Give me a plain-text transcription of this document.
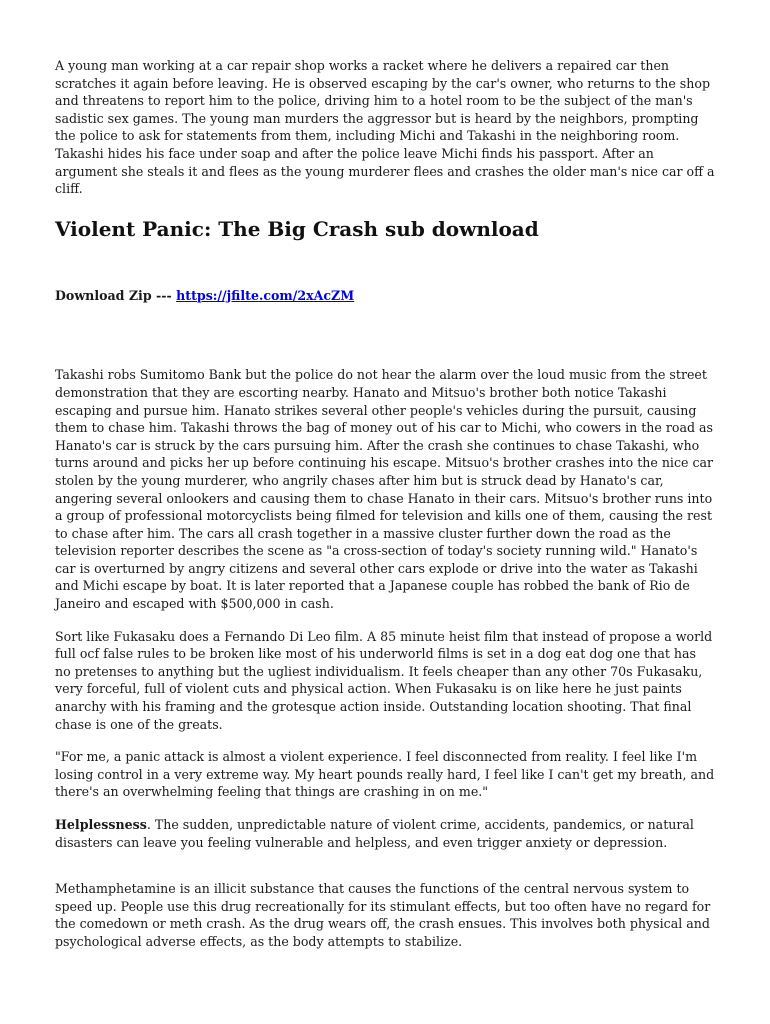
A young man working at a car repair shop works a racket where he delivers a repaired car then scratches it again before leaving. He is observed escaping by the car's owner, who returns to the shop and threatens to report him to the police, driving him to a hotel room to be the subject of the man's sadistic sex games. The young man murders the aggressor but is heard by the neighbors, prompting the police to ask for statements from them, including Michi and Takashi in the neighboring room. Takashi hides his face under soap and after the police leave Michi finds his passport. After an argument she steals it and flees as the young murderer flees and crashes the older man's nice car off a cliff.

Violent Panic: The Big Crash sub download

Download Zip --- https://jfilte.com/2xAcZM

Takashi robs Sumitomo Bank but the police do not hear the alarm over the loud music from the street demonstration that they are escorting nearby. Hanato and Mitsuo's brother both notice Takashi escaping and pursue him. Hanato strikes several other people's vehicles during the pursuit, causing them to chase him. Takashi throws the bag of money out of his car to Michi, who cowers in the road as Hanato's car is struck by the cars pursuing him. After the crash she continues to chase Takashi, who turns around and picks her up before continuing his escape. Mitsuo's brother crashes into the nice car stolen by the young murderer, who angrily chases after him but is struck dead by Hanato's car, angering several onlookers and causing them to chase Hanato in their cars. Mitsuo's brother runs into a group of professional motorcyclists being filmed for television and kills one of them, causing the rest to chase after him. The cars all crash together in a massive cluster further down the road as the television reporter describes the scene as "a cross-section of today's society running wild." Hanato's car is overturned by angry citizens and several other cars explode or drive into the water as Takashi and Michi escape by boat. It is later reported that a Japanese couple has robbed the bank of Rio de Janeiro and escaped with $500,000 in cash.

Sort like Fukasaku does a Fernando Di Leo film. A 85 minute heist film that instead of propose a world full ocf false rules to be broken like most of his underworld films is set in a dog eat dog one that has no pretenses to anything but the ugliest individualism. It feels cheaper than any other 70s Fukasaku, very forceful, full of violent cuts and physical action. When Fukasaku is on like here he just paints anarchy with his framing and the grotesque action inside. Outstanding location shooting. That final chase is one of the greats.

"For me, a panic attack is almost a violent experience. I feel disconnected from reality. I feel like I'm losing control in a very extreme way. My heart pounds really hard, I feel like I can't get my breath, and there's an overwhelming feeling that things are crashing in on me."

Helplessness. The sudden, unpredictable nature of violent crime, accidents, pandemics, or natural disasters can leave you feeling vulnerable and helpless, and even trigger anxiety or depression.

Methamphetamine is an illicit substance that causes the functions of the central nervous system to speed up. People use this drug recreationally for its stimulant effects, but too often have no regard for the comedown or meth crash. As the drug wears off, the crash ensues. This involves both physical and psychological adverse effects, as the body attempts to stabilize.
